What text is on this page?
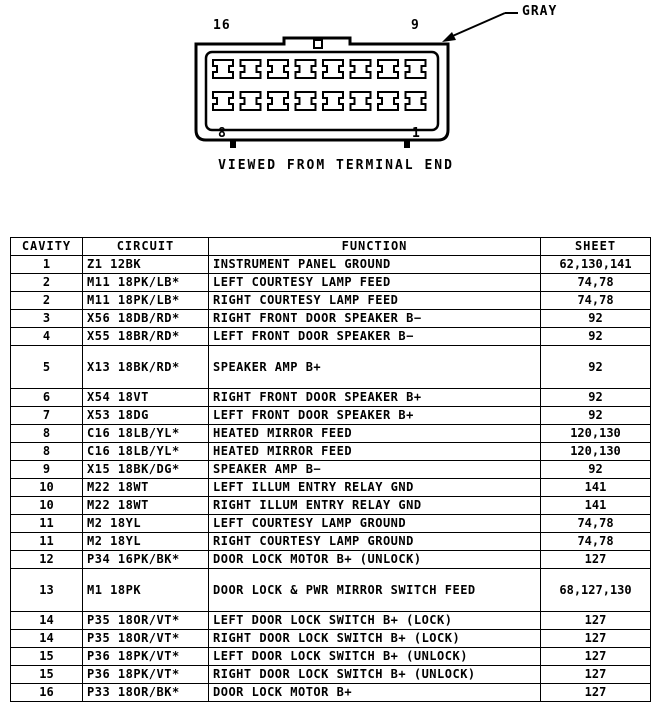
16	9
8	1
GRAY
VIEWED FROM TERMINAL END
CAVITY	CIRCUIT	FUNCTION	SHEET
1	Z1 12BK	INSTRUMENT PANEL GROUND	62,130,141
2	M11 18PK/LB*	LEFT COURTESY LAMP FEED	74,78
2	M11 18PK/LB*	RIGHT COURTESY LAMP FEED	74,78
3	X56 18DB/RD*	RIGHT FRONT DOOR SPEAKER B−	92
4	X55 18BR/RD*	LEFT FRONT DOOR SPEAKER B−	92
5	X13 18BK/RD*	SPEAKER AMP B+	92
6	X54 18VT	RIGHT FRONT DOOR SPEAKER B+	92
7	X53 18DG	LEFT FRONT DOOR SPEAKER B+	92
8	C16 18LB/YL*	HEATED MIRROR FEED	120,130
8	C16 18LB/YL*	HEATED MIRROR FEED	120,130
9	X15 18BK/DG*	SPEAKER AMP B−	92
10	M22 18WT	LEFT ILLUM ENTRY RELAY GND	141
10	M22 18WT	RIGHT ILLUM ENTRY RELAY GND	141
11	M2 18YL	LEFT COURTESY LAMP GROUND	74,78
11	M2 18YL	RIGHT COURTESY LAMP GROUND	74,78
12	P34 16PK/BK*	DOOR LOCK MOTOR B+ (UNLOCK)	127
13	M1 18PK	DOOR LOCK & PWR MIRROR SWITCH FEED	68,127,130
14	P35 18OR/VT*	LEFT DOOR LOCK SWITCH B+ (LOCK)	127
14	P35 18OR/VT*	RIGHT DOOR LOCK SWITCH B+ (LOCK)	127
15	P36 18PK/VT*	LEFT DOOR LOCK SWITCH B+ (UNLOCK)	127
15	P36 18PK/VT*	RIGHT DOOR LOCK SWITCH B+ (UNLOCK)	127
16	P33 18OR/BK*	DOOR LOCK MOTOR B+	127
